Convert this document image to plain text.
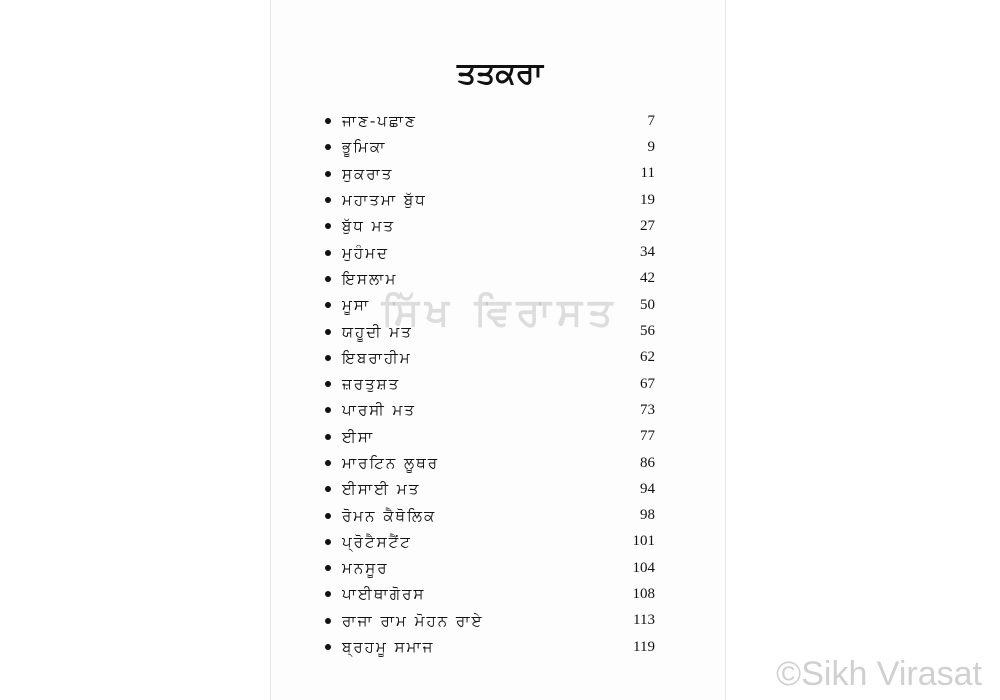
ਤਤਕਰਾ
ਜਾਣ-ਪਛਾਣ	7
ਭੂਮਿਕਾ	9
ਸੁਕਰਾਤ	11
ਮਹਾਤਮਾ ਬੁੱਧ	19
ਬੁੱਧ ਮਤ	27
ਮੁਹੰਮਦ	34
ਇਸਲਾਮ	42
ਮੂਸਾ	50
ਯਹੂਦੀ ਮਤ	56
ਇਬਰਾਹੀਮ	62
ਜ਼ਰਤੁਸ਼ਤ	67
ਪਾਰਸੀ ਮਤ	73
ਈਸਾ	77
ਮਾਰਟਿਨ ਲੂਥਰ	86
ਈਸਾਈ ਮਤ	94
ਰੋਮਨ ਕੈਥੋਲਿਕ	98
ਪ੍ਰੋਟੈਸਟੈਂਟ	101
ਮਨਸੂਰ	104
ਪਾਈਥਾਗੋਰਸ	108
ਰਾਜਾ ਰਾਮ ਮੋਹਨ ਰਾਏ	113
ਬ੍ਰਹਮੂ ਸਮਾਜ	119
ਸਿੱਖ ਵਿਰਾਸਤ
©Sikh Virasat
